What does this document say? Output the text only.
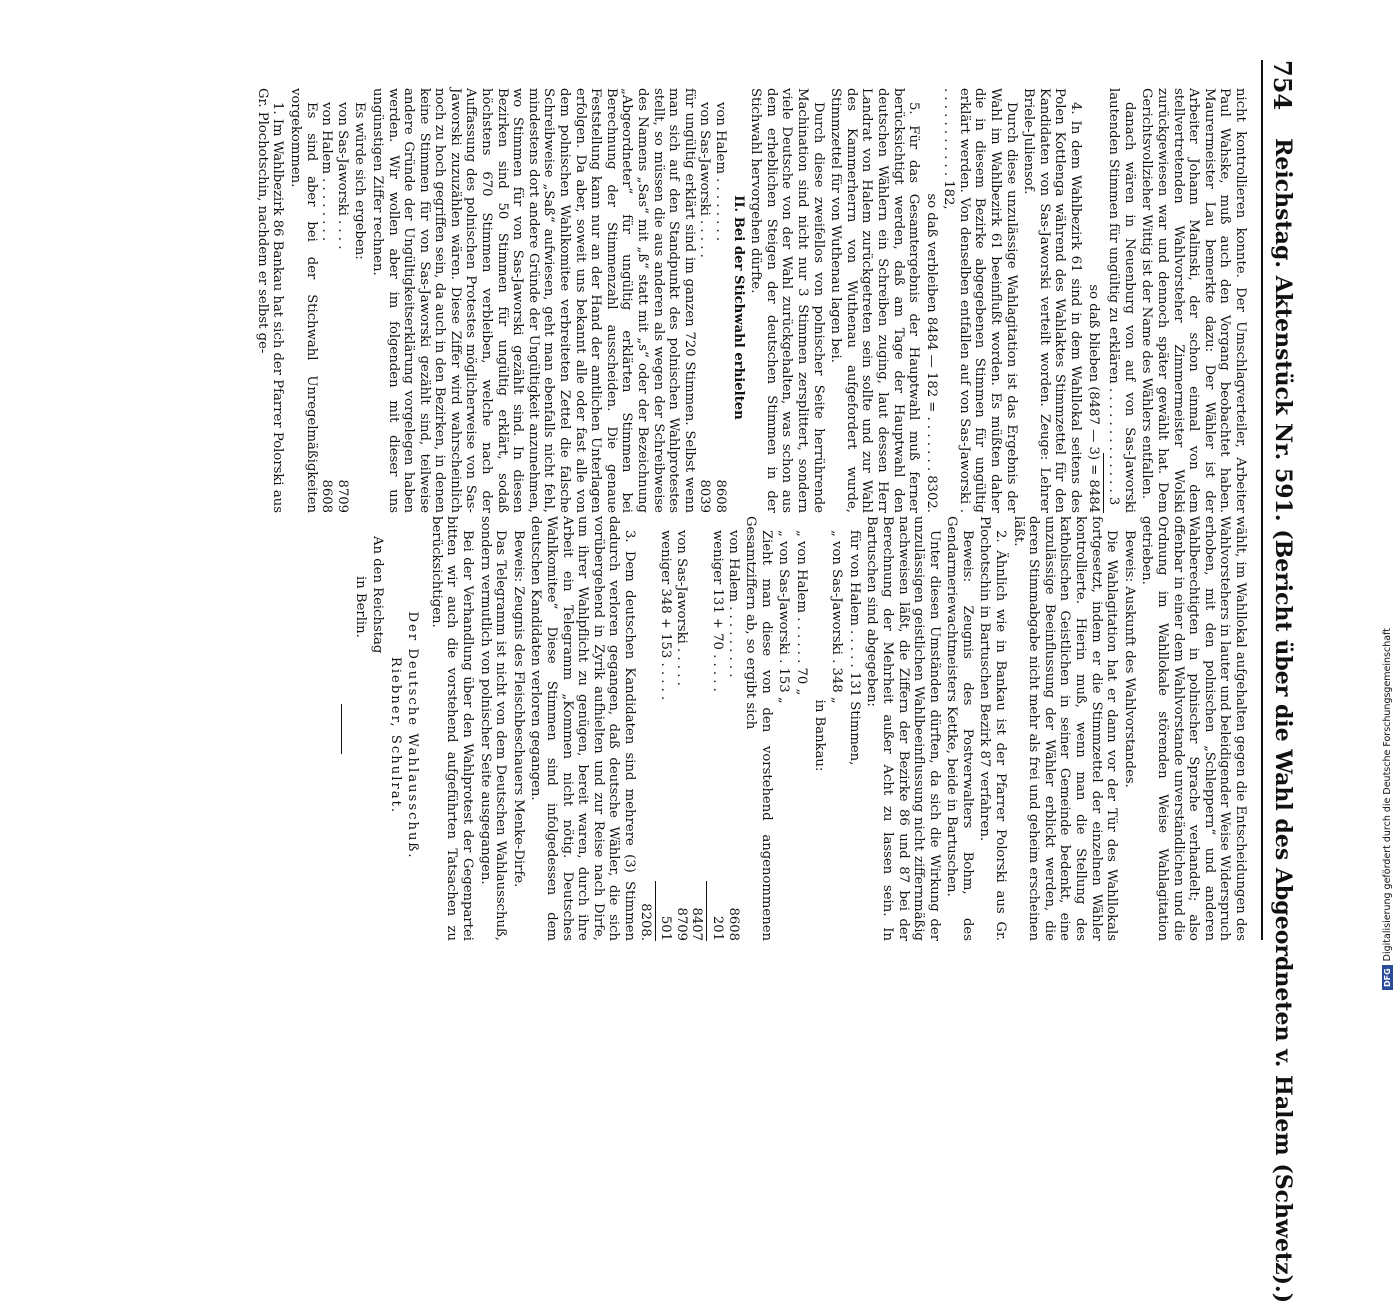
754
Reichstag. Aktenstück Nr. 591. (Bericht über die Wahl des Abgeordneten v. Halem (Schwetz).)

nicht kontrollieren konnte. Der Umschlagverteiler, Arbeiter Paul Wahske, muß auch den Vorgang beobachtet haben. Maurermeister Lau bemerkte dazu: Der Wähler ist der Arbeiter Johann Malinski, der schon einmal von dem stellvertretenden Wahlvorsteher Zimmermeister Wolski zurückgewiesen war und dennoch später gewählt hat. Dem Gerichtsvollzieher Wittig ist der Name des Wählers entfallen.

danach wären in Neuenburg von auf von Sas-Jaworski lautenden Stimmen für ungültig zu erklären . . . . . . . . . . . . . 3

so daß blieben (8487 — 3) = 8484

4. In dem Wahlbezirk 61 sind in dem Wahllokal seitens des Polen Kottlenga während des Wahlaktes Stimmzettel für den Kandidaten von Sas-Jaworski verteilt worden. Zeuge: Lehrer Briele-Juliensof.

Durch diese unzulässige Wahlagitation ist das Ergebnis der Wahl im Wahlbezirk 61 beeinflußt worden. Es müßten daher die in diesem Bezirke abgegebenen Stimmen für ungültig erklärt werden. Von denselben entfallen auf von Sas-Jaworski . . . . . . . . . . . . 182,

so daß verbleiben 8484 — 182 = . . . . . . . 8302.

5. Für das Gesamtergebnis der Hauptwahl muß ferner berücksichtigt werden, daß am Tage der Hauptwahl den deutschen Wählern ein Schreiben zuging, laut dessen Herr Landrat von Halem zurückgetreten sein sollte und zur Wahl des Kammerherrn von Wuthenau aufgefordert wurde, Stimmzettel für von Wuthenau lagen bei.

Durch diese zweifellos von polnischer Seite herrührende Machination sind nicht nur 3 Stimmen zersplittert, sondern viele Deutsche von der Wahl zurückgehalten, was schon aus dem erheblichen Steigen der deutschen Stimmen in der Stichwahl hervorgehen dürfte.

II. Bei der Stichwahl erhielten

von Halem . . . . . . . .
8608
von Sas-Jaworski . . . . .
8039

für ungültig erklärt sind im ganzen 720 Stimmen. Selbst wenn man sich auf den Standpunkt des polnischen Wahlprotestes stellt, so müssen die aus anderen als wegen der Schreibweise des Namens „Sas“ mit „ß“ statt mit „s“ oder der Bezeichnung „Abgeordneter“ für ungültig erklärten Stimmen bei Berechnung der Stimmenzahl ausscheiden. Die genaue Feststellung kann nur an der Hand der amtlichen Unterlagen erfolgen. Da aber, soweit uns bekannt alle oder fast alle von dem polnischen Wahlkomitee verbreiteten Zettel die falsche Schreibweise „Saß“ aufwiesen, geht man ebenfalls nicht fehl, mindestens dort andere Gründe der Ungültigkeit anzunehmen, wo Stimmen für von Sas-Jaworski gezählt sind. In diesen Bezirken sind 50 Stimmen für ungültig erklärt, sodaß höchstens 670 Stimmen verbleiben, welche nach der Auffassung des polnischen Protestes möglicherweise von Sas-Jaworski zuzuzählen wären. Diese Ziffer wird wahrscheinlich noch zu hoch gegriffen sein, da auch in den Bezirken, in denen keine Stimmen für von Sas-Jaworski gezählt sind, teilweise andere Gründe der Ungültigkeitserklärung vorgelegen haben werden. Wir wollen aber im folgenden mit dieser uns ungünstigen Ziffer rechnen.

Es würde sich ergeben:

von Sas-Jaworski . . . .
8709
von Halem . . . . . . . .
8608

Es sind aber bei der Stichwahl Unregelmäßigkeiten vorgekommen.

1. Im Wahlbezirk 86 Bankau hat sich der Pfarrer Polorski aus Gr. Plochotschin, nachdem er selbst ge-

wählt, im Wahllokal aufgehalten gegen die Entscheidungen des Wahlvorstehers in lauter und beleidigender Weise Widerspruch erhoben, mit den polnischen „Schleppern“ und anderen Wahlberechtigten in polnischer Sprache verhandelt; also offenbar in einer dem Wahlvorstande unverständlichen und die Ordnung im Wahllokale störenden Weise Wahlagitation getrieben.

Beweis: Auskunft des Wahlvorstandes.

Die Wahlagitation hat er dann vor der Tür des Wahllokals fortgesetzt, indem er die Stimmzettel der einzelnen Wähler kontrollierte. Hierin muß, wenn man die Stellung des katholischen Geistlichen in seiner Gemeinde bedenkt, eine unzulässige Beeinflussung der Wähler erblickt werden, die deren Stimmabgabe nicht mehr als frei und geheim erscheinen läßt.

2. Ähnlich wie in Bankau ist der Pfarrer Polorski aus Gr. Plochotschin in Bartuschen Bezirk 87 verfahren.

Beweis: Zeugnis des Postverwalters Bohm, des Gendarmeriewachtmeisters Kettke, beide in Bartuschen.

Unter diesen Umständen dürften, da sich die Wirkung der unzulässigen geistlichen Wahlbeeinflussung nicht ziffernmäßig nachweisen läßt, die Ziffern der Bezirke 86 und 87 bei der Berechnung der Mehrheit außer Acht zu lassen sein. In Bartuschen sind abgegeben:

für von Halem . . . . . 131 Stimmen,

„ von Sas-Jaworski . 348 „

in Bankau:

„ von Halem . . . . . . 70 „

„ von Sas-Jaworski . 153 „

Zieht man diese von den vorstehend angenommenen Gesamtziffern ab, so ergibt sich

von Halem . . . . . . . . .
8608
weniger 131 + 70 . . . . .
201
8407
von Sas-Jaworski . . . . .
8709
weniger 348 + 153 . . . . .
501
8208.

3. Dem deutschen Kandidaten sind mehrere (3) Stimmen dadurch verloren gegangen, daß deutsche Wähler, die sich vorübergehend in Zyrik aufhielten und zur Reise nach Dirfe, um ihrer Wahlpflicht zu genügen, bereit waren, durch ihre Arbeit ein Telegramm „Kommen nicht nötig. Deutsches Wahlkomitee“ Diese Stimmen sind infolgedessen dem deutschen Kandidaten verloren gegangen.

Beweis: Zeugnis des Fleischbeschauers Menke-Dirfe.

Das Telegramm ist nicht von dem Deutschen Wahlausschuß, sondern vermutlich von polnischer Seite ausgegangen.

Bei der Verhandlung über den Wahlprotest der Gegenpartei bitten wir auch die vorstehend aufgeführten Tatsachen zu berücksichtigen.

Der Deutsche Wahlausschuß.

Riebner, Schulrat.

An den Reichstag

in Berlin.

DFG
Digitalisierung gefördert durch die Deutsche Forschungsgemeinschaft
